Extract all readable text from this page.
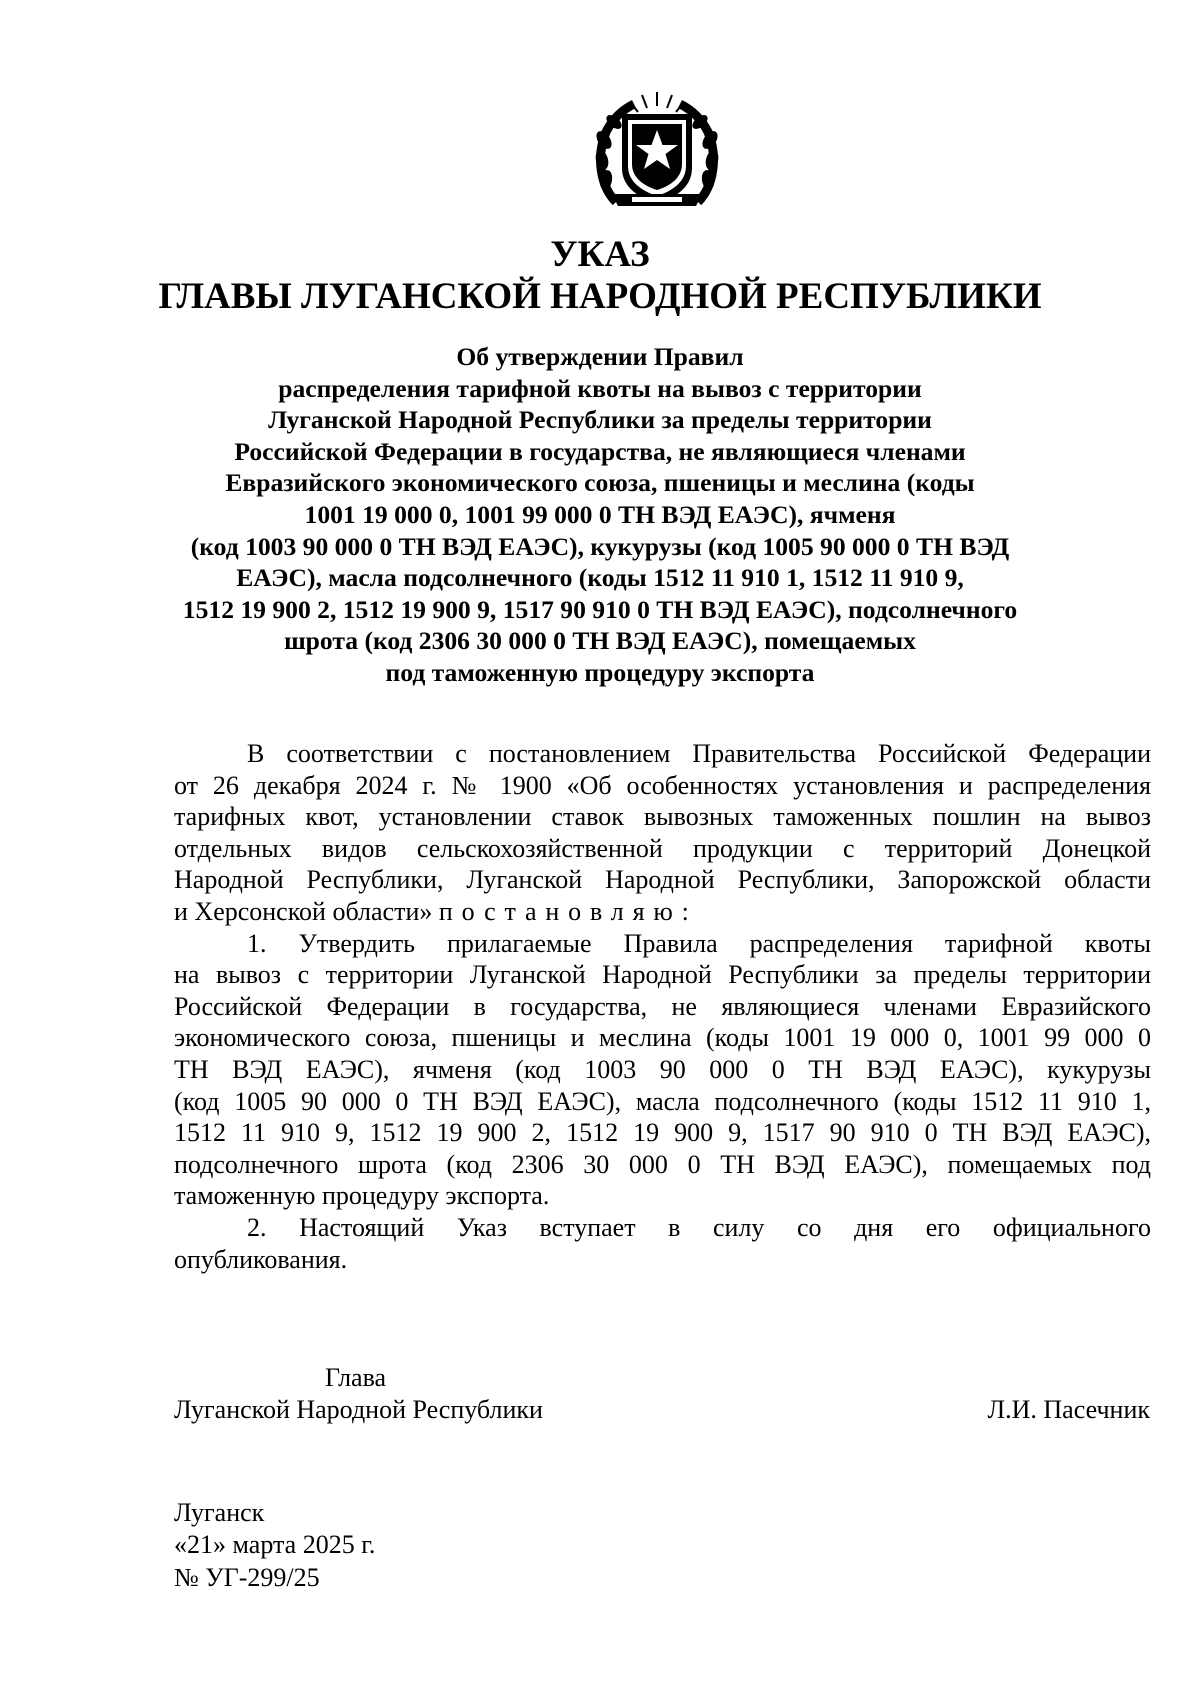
УКАЗ
ГЛАВЫ ЛУГАНСКОЙ НАРОДНОЙ РЕСПУБЛИКИ
Об утверждении Правил
распределения тарифной квоты на вывоз с территории
Луганской Народной Республики за пределы территории
Российской Федерации в государства, не являющиеся членами
Евразийского экономического союза, пшеницы и меслина (коды
1001 19 000 0, 1001 99 000 0 ТН ВЭД ЕАЭС), ячменя
(код 1003 90 000 0 ТН ВЭД ЕАЭС), кукурузы (код 1005 90 000 0 ТН ВЭД
ЕАЭС), масла подсолнечного (коды 1512 11 910 1, 1512 11 910 9,
1512 19 900 2, 1512 19 900 9, 1517 90 910 0 ТН ВЭД ЕАЭС), подсолнечного
шрота (код 2306 30 000 0 ТН ВЭД ЕАЭС), помещаемых
под таможенную процедуру экспорта
В соответствии с постановлением Правительства Российской Федерации
от 26 декабря 2024 г. № 1900 «Об особенностях установления и распределения
тарифных квот, установлении ставок вывозных таможенных пошлин на вывоз
отдельных видов сельскохозяйственной продукции с территорий Донецкой
Народной Республики, Луганской Народной Республики, Запорожской области
и Херсонской области» постановляю:
1. Утвердить прилагаемые Правила распределения тарифной квоты
на вывоз с территории Луганской Народной Республики за пределы территории
Российской Федерации в государства, не являющиеся членами Евразийского
экономического союза, пшеницы и меслина (коды 1001 19 000 0, 1001 99 000 0
ТН ВЭД ЕАЭС), ячменя (код 1003 90 000 0 ТН ВЭД ЕАЭС), кукурузы
(код 1005 90 000 0 ТН ВЭД ЕАЭС), масла подсолнечного (коды 1512 11 910 1,
1512 11 910 9, 1512 19 900 2, 1512 19 900 9, 1517 90 910 0 ТН ВЭД ЕАЭС),
подсолнечного шрота (код 2306 30 000 0 ТН ВЭД ЕАЭС), помещаемых под
таможенную процедуру экспорта.
2. Настоящий Указ вступает в силу со дня его официального
опубликования.
Глава
Луганской Народной Республики	Л.И. Пасечник
Луганск
«21» марта 2025 г.
№ УГ-299/25
